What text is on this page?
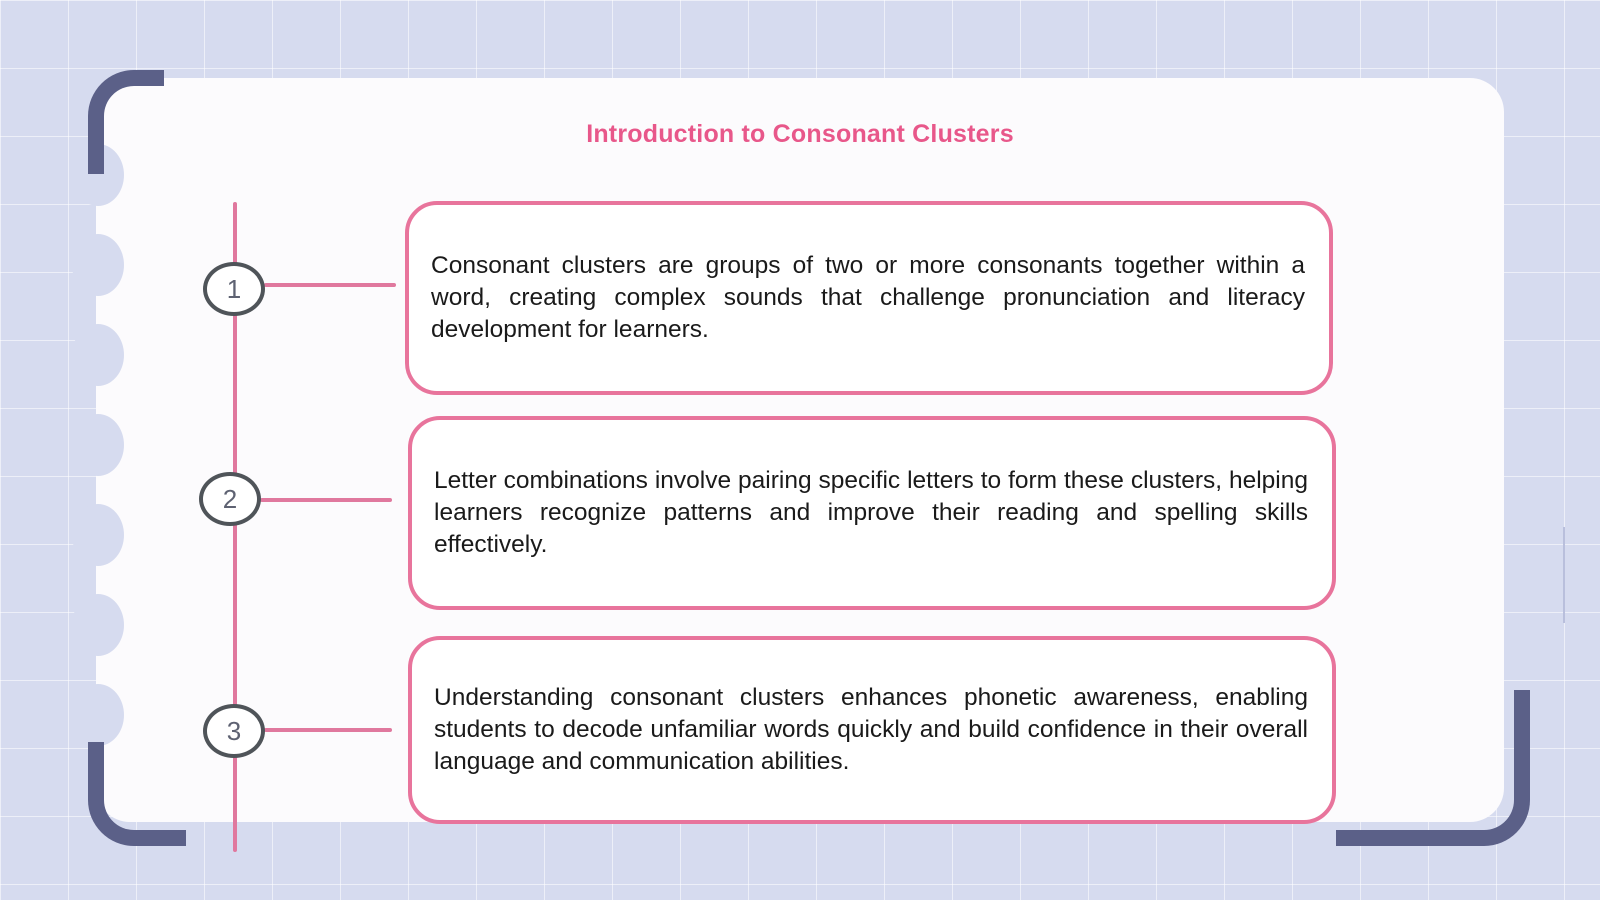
Introduction to Consonant Clusters
1

Consonant clusters are groups of two or more consonants together within a word, creating complex sounds that challenge pronunciation and literacy development for learners.

2

Letter combinations involve pairing specific letters to form these clusters, helping learners recognize patterns and improve their reading and spelling skills effectively.

3

Understanding consonant clusters enhances phonetic awareness, enabling students to decode unfamiliar words quickly and build confidence in their overall language and communication abilities.
